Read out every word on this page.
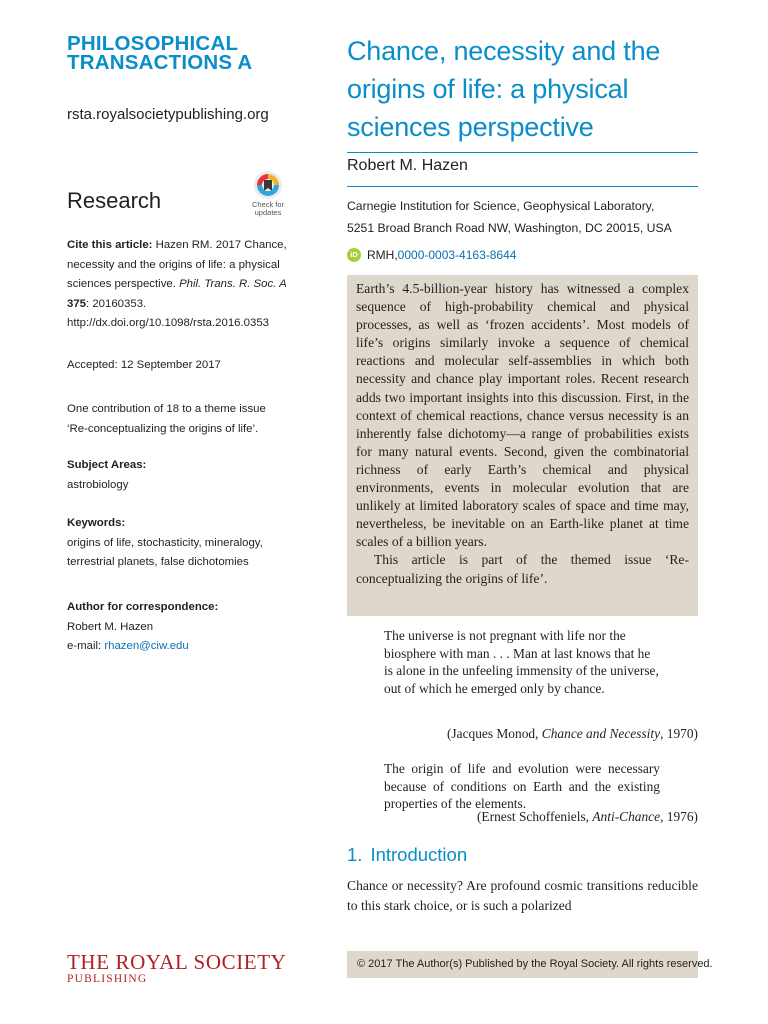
PHILOSOPHICAL
TRANSACTIONS A
rsta.royalsocietypublishing.org
Research	Check for
updates
Cite this article: Hazen RM. 2017 Chance, necessity and the origins of life: a physical sciences perspective. Phil. Trans. R. Soc. A 375: 20160353.
http://dx.doi.org/10.1098/rsta.2016.0353
Accepted: 12 September 2017
One contribution of 18 to a theme issue ‘Re-conceptualizing the origins of life’.
Subject Areas:
astrobiology
Keywords:
origins of life, stochasticity, mineralogy, terrestrial planets, false dichotomies
Author for correspondence:
Robert M. Hazen
e-mail: rhazen@ciw.edu
THE ROYAL SOCIETY
PUBLISHING
Chance, necessity and the origins of life: a physical sciences perspective
Robert M. Hazen
Carnegie Institution for Science, Geophysical Laboratory,
5251 Broad Branch Road NW, Washington, DC 20015, USA
iD RMH, 0000-0003-4163-8644

Earth’s 4.5-billion-year history has witnessed a complex sequence of high-probability chemical and physical processes, as well as ‘frozen accidents’. Most models of life’s origins similarly invoke a sequence of chemical reactions and molecular self-assemblies in which both necessity and chance play important roles. Recent research adds two important insights into this discussion. First, in the context of chemical reactions, chance versus necessity is an inherently false dichotomy—a range of probabilities exists for many natural events. Second, given the combinatorial richness of early Earth’s chemical and physical environments, events in molecular evolution that are unlikely at limited laboratory scales of space and time may, nevertheless, be inevitable on an Earth-like planet at time scales of a billion years.

This article is part of the themed issue ‘Re-conceptualizing the origins of life’.

The universe is not pregnant with life nor the biosphere with man . . . Man at last knows that he is alone in the unfeeling immensity of the universe, out of which he emerged only by chance.
(Jacques Monod, Chance and Necessity, 1970)
The origin of life and evolution were necessary because of conditions on Earth and the existing properties of the elements.
(Ernest Schoffeniels, Anti-Chance, 1976)
1. Introduction
Chance or necessity? Are profound cosmic transitions reducible to this stark choice, or is such a polarized
© 2017 The Author(s) Published by the Royal Society. All rights reserved.
